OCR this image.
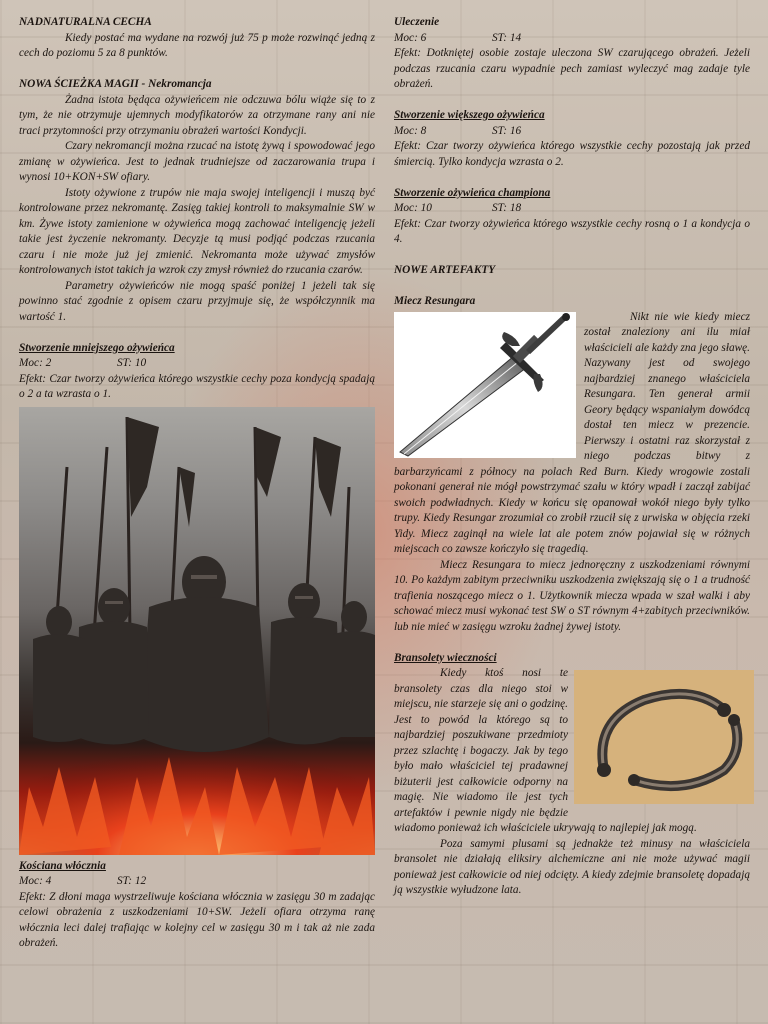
NADNATURALNA CECHA

Kiedy postać ma wydane na rozwój już 75 p może rozwinąć jedną z cech do poziomu 5 za 8 punktów.

NOWA ŚCIEŻKA MAGII - Nekromancja

Żadna istota będąca ożywieńcem nie odczuwa bólu wiąże się to z tym, że nie otrzymuje ujemnych modyfikatorów za otrzymane rany ani nie traci przytomności przy otrzymaniu obrażeń wartości Kondycji.

Czary nekromancji można rzucać na istotę żywą i spowodować jego zmianę w ożywieńca. Jest to jednak trudniejsze od zaczarowania trupa i wynosi 10+KON+SW ofiary.

Istoty ożywione z trupów nie maja swojej inteligencji i muszą być kontrolowane przez nekromantę. Zasięg takiej kontroli to maksymalnie SW w km. Żywe istoty zamienione w ożywieńca mogą zachować inteligencję jeżeli takie jest życzenie nekromanty. Decyzje tą musi podjąć podczas rzucania czaru i nie może już jej zmienić. Nekromanta może używać zmysłów kontrolowanych istot takich ja wzrok czy zmysł również do rzucania czarów.

Parametry ożywieńców nie mogą spaść poniżej 1 jeżeli tak się powinno stać zgodnie z opisem czaru przyjmuje się, że współczynnik ma wartość 1.

Stworzenie mniejszego ożywieńca
Moc: 2	ST: 10

Efekt: Czar tworzy ożywieńca którego wszystkie cechy poza kondycją spadają o 2 a ta wzrasta o 1.

Kościana włócznia
Moc: 4	ST: 12

Efekt: Z dłoni maga wystrzeliwuje kościana włócznia w zasięgu 30 m zadając celowi obrażenia z uszkodzeniami 10+SW. Jeżeli ofiara otrzyma ranę włócznia leci dalej trafiając w kolejny cel w zasięgu 30 m i tak aż nie zada obrażeń.

Uleczenie
Moc: 6	ST: 14

Efekt: Dotkniętej osobie zostaje uleczona SW czarującego obrażeń. Jeżeli podczas rzucania czaru wypadnie pech zamiast wyleczyć mag zadaje tyle obrażeń.

Stworzenie większego ożywieńca
Moc: 8	ST: 16

Efekt: Czar tworzy ożywieńca którego wszystkie cechy pozostają jak przed śmiercią. Tylko kondycja wzrasta o 2.

Stworzenie ożywieńca championa
Moc: 10	ST: 18

Efekt: Czar tworzy ożywieńca którego wszystkie cechy rosną o 1 a kondycja o 4.

NOWE ARTEFAKTY
Miecz Resungara

Nikt nie wie kiedy miecz został znaleziony ani ilu miał właścicieli ale każdy zna jego sławę. Nazywany jest od swojego najbardziej znanego właściciela Resungara. Ten generał armii Geory będący wspaniałym dowódcą dostał ten miecz w prezencie. Pierwszy i ostatni raz skorzystał z niego podczas bitwy z barbarzyńcami z północy na polach Red Burn. Kiedy wrogowie zostali pokonani generał nie mógł powstrzymać szału w który wpadł i zaczął zabijać swoich podwładnych. Kiedy w końcu się opanował wokół niego były tylko trupy. Kiedy Resungar zrozumiał co zrobił rzucił się z urwiska w objęcia rzeki Yidy. Miecz zaginął na wiele lat ale potem znów pojawiał się w różnych miejscach co zawsze kończyło się tragedią.

Miecz Resungara to miecz jednoręczny z uszkodzeniami równymi 10. Po każdym zabitym przeciwniku uszkodzenia zwiększają się o 1 a trudność trafienia noszącego miecz o 1. Użytkownik miecza wpada w szał walki i aby schować miecz musi wykonać test SW o ST równym 4+zabitych przeciwników. lub nie mieć w zasięgu wzroku żadnej żywej istoty.

Bransolety wieczności

Kiedy ktoś nosi te bransolety czas dla niego stoi w miejscu, nie starzeje się ani o godzinę. Jest to powód la którego są to najbardziej poszukiwane przedmioty przez szlachtę i bogaczy. Jak by tego było mało właściciel tej pradawnej biżuterii jest całkowicie odporny na magię. Nie wiadomo ile jest tych artefaktów i pewnie nigdy nie będzie wiadomo ponieważ ich właściciele ukrywają to najlepiej jak mogą.

Poza samymi plusami są jednakże też minusy na właściciela bransolet nie działają eliksiry alchemiczne ani nie może używać magii ponieważ jest całkowicie od niej odcięty. A kiedy zdejmie bransoletę dopadają ją wszystkie wyłudzone lata.
